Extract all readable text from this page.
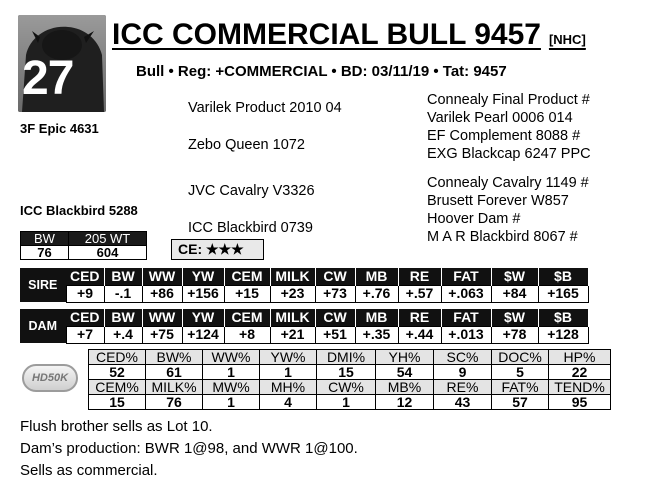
27
ICC COMMERCIAL BULL 9457 [NHC]
Bull • Reg: +COMMERCIAL • BD: 03/11/19 • Tat: 9457
3F Epic 4631
Varilek Product 2010 04
Zebo Queen 1072
ICC Blackbird 5288
JVC Cavalry V3326
ICC Blackbird 0739
Connealy Final Product #
Varilek Pearl 0006 014
EF Complement 8088 #
EXG Blackcap 6247 PPC
Connealy Cavalry 1149 #
Brusett Forever W857
Hoover Dam #
M A R Blackbird 8067 #
BW	205 WT
76	604	CE: ★★★
SIRE	CED	BW	WW	YW	CEM	MILK	CW	MB	RE	FAT	$W	$B
	+9	-.1	+86	+156	+15	+23	+73	+.76	+.57	+.063	+84	+165
DAM	CED	BW	WW	YW	CEM	MILK	CW	MB	RE	FAT	$W	$B
	+7	+.4	+75	+124	+8	+21	+51	+.35	+.44	+.013	+78	+128
HD50K
CED%	BW%	WW%	YW%	DMI%	YH%	SC%	DOC%	HP%
52	61	1	1	15	54	9	5	22
CEM%	MILK%	MW%	MH%	CW%	MB%	RE%	FAT%	TEND%
15	76	1	4	1	12	43	57	95
Flush brother sells as Lot 10.
Dam’s production: BWR 1@98, and WWR 1@100.
Sells as commercial.
